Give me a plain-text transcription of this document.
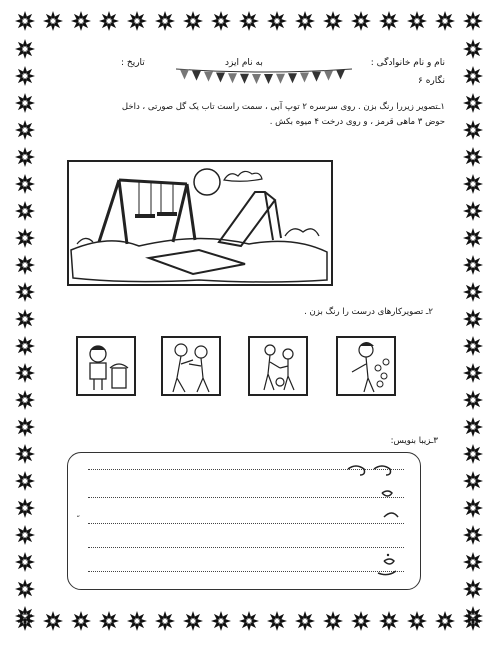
نام و نام خانوادگی :
به نام ایزد
تاریخ :
نگاره ۶
۱ـتصویر زیررا رنگ بزن . روی سرسره ۲ توپ آبی ، سمت راست تاب یک گل صورتی ، داخل
حوض ۳ ماهی قرمز ، و روی درخت ۴ میوه بکش .
۲ـ تصویرکارهای درست را رنگ بزن .
۳ـزیبا بنویس:
˝
